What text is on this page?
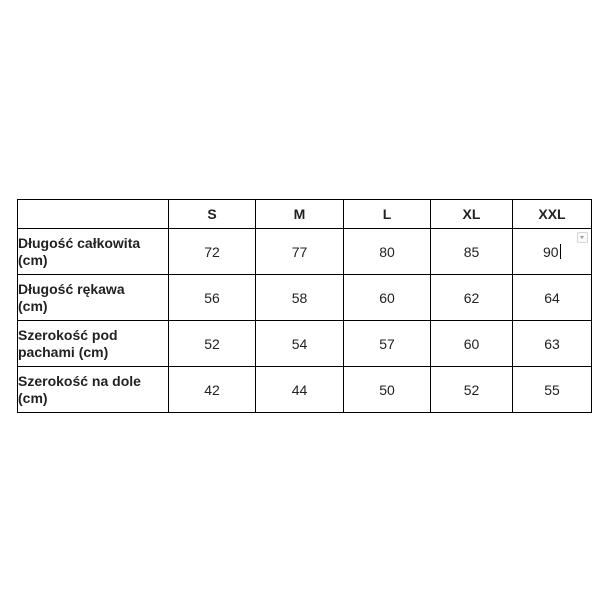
	S	M	L	XL	XXL
Długość całkowita
(cm)	72	77	80	85	90

Długość rękawa
(cm)	56	58	60	62	64
Szerokość pod
pachami (cm)	52	54	57	60	63
Szerokość na dole
(cm)	42	44	50	52	55
